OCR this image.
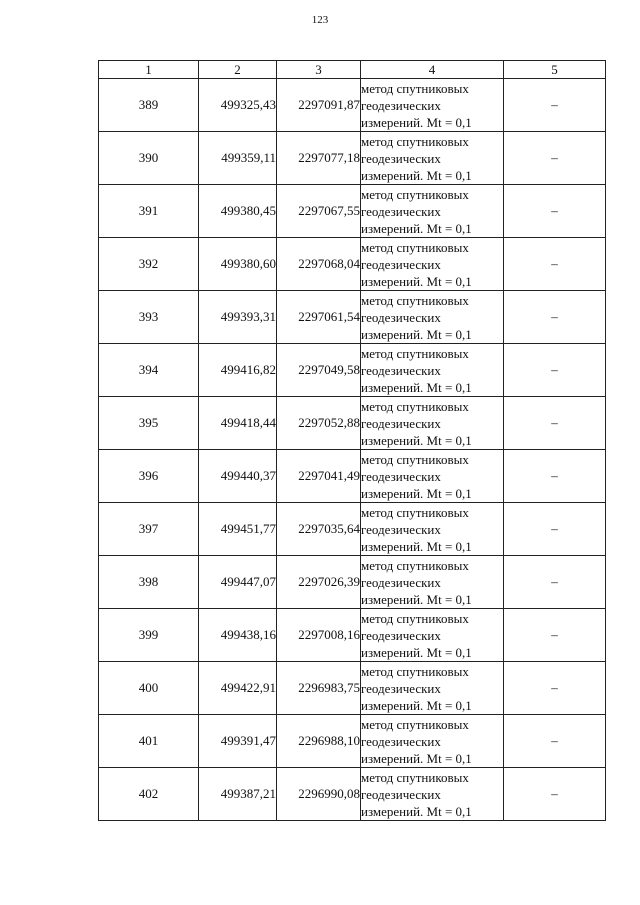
123
1	2	3	4	5
389	499325,43	2297091,87	метод спутниковых
геодезических
измерений. Mt = 0,1	–
390	499359,11	2297077,18	метод спутниковых
геодезических
измерений. Mt = 0,1	–
391	499380,45	2297067,55	метод спутниковых
геодезических
измерений. Mt = 0,1	–
392	499380,60	2297068,04	метод спутниковых
геодезических
измерений. Mt = 0,1	–
393	499393,31	2297061,54	метод спутниковых
геодезических
измерений. Mt = 0,1	–
394	499416,82	2297049,58	метод спутниковых
геодезических
измерений. Mt = 0,1	–
395	499418,44	2297052,88	метод спутниковых
геодезических
измерений. Mt = 0,1	–
396	499440,37	2297041,49	метод спутниковых
геодезических
измерений. Mt = 0,1	–
397	499451,77	2297035,64	метод спутниковых
геодезических
измерений. Mt = 0,1	–
398	499447,07	2297026,39	метод спутниковых
геодезических
измерений. Mt = 0,1	–
399	499438,16	2297008,16	метод спутниковых
геодезических
измерений. Mt = 0,1	–
400	499422,91	2296983,75	метод спутниковых
геодезических
измерений. Mt = 0,1	–
401	499391,47	2296988,10	метод спутниковых
геодезических
измерений. Mt = 0,1	–
402	499387,21	2296990,08	метод спутниковых
геодезических
измерений. Mt = 0,1	–
